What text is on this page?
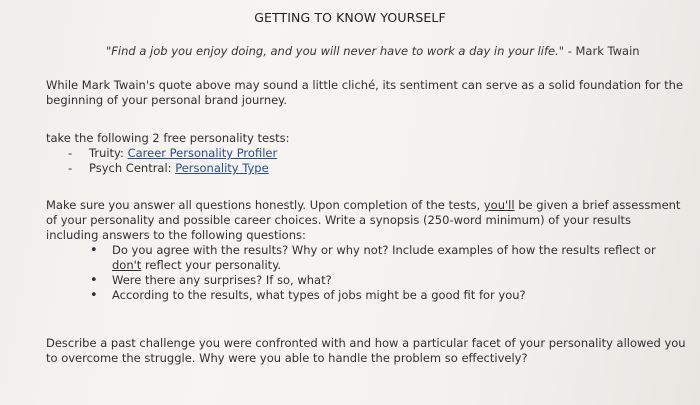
GETTING TO KNOW YOURSELF
"Find a job you enjoy doing, and you will never have to work a day in your life." - Mark Twain
While Mark Twain's quote above may sound a little cliché, its sentiment can serve as a solid foundation for the beginning of your personal brand journey.
take the following 2 free personality tests:
- Truity: Career Personality Profiler
- Psych Central: Personality Type
Make sure you answer all questions honestly. Upon completion of the tests, you'll be given a brief assessment of your personality and possible career choices. Write a synopsis (250-word minimum) of your results including answers to the following questions:
• Do you agree with the results? Why or why not? Include examples of how the results reflect or don't reflect your personality.
• Were there any surprises? If so, what?
• According to the results, what types of jobs might be a good fit for you?
Describe a past challenge you were confronted with and how a particular facet of your personality allowed you to overcome the struggle. Why were you able to handle the problem so effectively?
